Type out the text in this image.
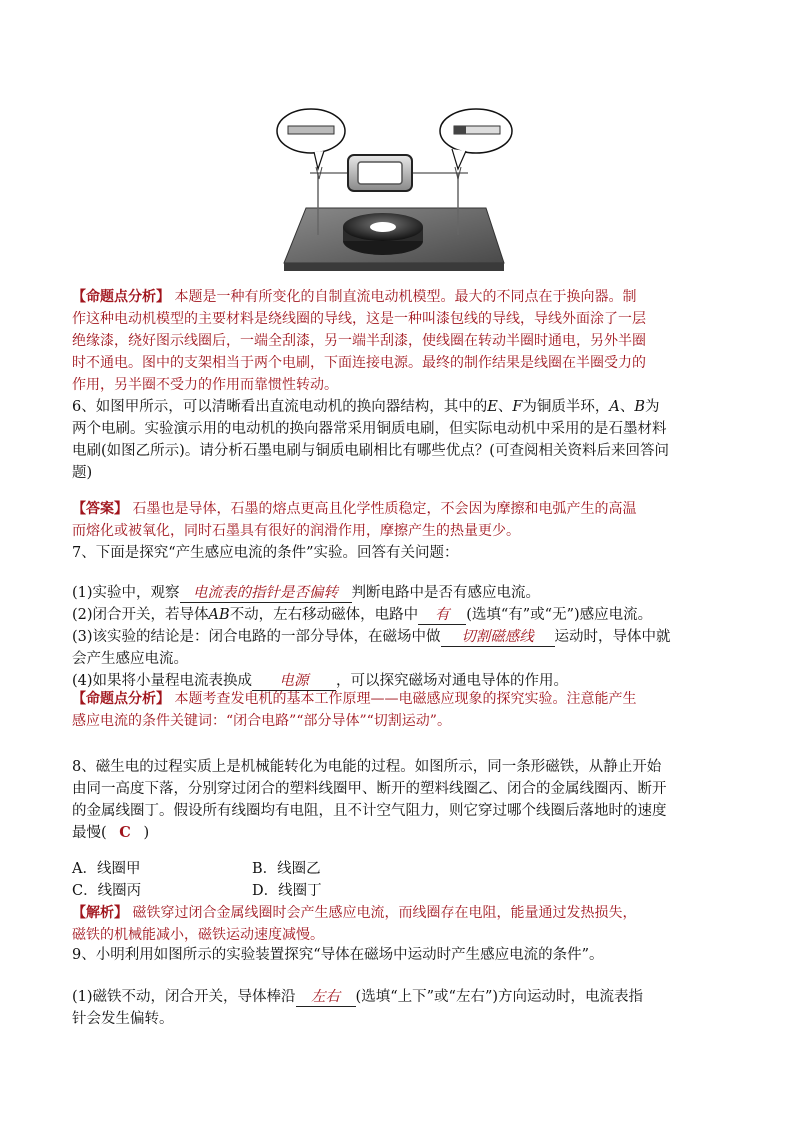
【命题点分析】 本题是一种有所变化的自制直流电动机模型。最大的不同点在于换向器。制
作这种电动机模型的主要材料是绕线圈的导线，这是一种叫漆包线的导线，导线外面涂了一层
绝缘漆，绕好图示线圈后，一端全刮漆，另一端半刮漆，使线圈在转动半圈时通电，另外半圈
时不通电。图中的支架相当于两个电刷，下面连接电源。最终的制作结果是线圈在半圈受力的
作用，另半圈不受力的作用而靠惯性转动。
6、如图甲所示，可以清晰看出直流电动机的换向器结构，其中的E、F为铜质半环，A、B为
两个电刷。实验演示用的电动机的换向器常采用铜质电刷，但实际电动机中采用的是石墨材料
电刷(如图乙所示)。请分析石墨电刷与铜质电刷相比有哪些优点？(可查阅相关资料后来回答问
题)
【答案】 石墨也是导体，石墨的熔点更高且化学性质稳定，不会因为摩擦和电弧产生的高温
而熔化或被氧化，同时石墨具有很好的润滑作用，摩擦产生的热量更少。
7、下面是探究“产生感应电流的条件”实验。回答有关问题：
(1)实验中，观察 电流表的指针是否偏转 判断电路中是否有感应电流。
(2)闭合开关，若导体AB不动，左右移动磁体，电路中 有 (选填“有”或“无”)感应电流。
(3)该实验的结论是：闭合电路的一部分导体，在磁场中做 切割磁感线 运动时，导体中就
会产生感应电流。
(4)如果将小量程电流表换成 电源 ，可以探究磁场对通电导体的作用。
【命题点分析】 本题考查发电机的基本工作原理——电磁感应现象的探究实验。注意能产生
感应电流的条件关键词：“闭合电路”“部分导体”“切割运动”。
8、磁生电的过程实质上是机械能转化为电能的过程。如图所示，同一条形磁铁，从静止开始
由同一高度下落，分别穿过闭合的塑料线圈甲、断开的塑料线圈乙、闭合的金属线圈丙、断开
的金属线圈丁。假设所有线圈均有电阻，且不计空气阻力，则它穿过哪个线圈后落地时的速度
最慢( C )
A．线圈甲	B．线圈乙
C．线圈丙	D．线圈丁
【解析】 磁铁穿过闭合金属线圈时会产生感应电流，而线圈存在电阻，能量通过发热损失，
磁铁的机械能减小，磁铁运动速度减慢。
9、小明利用如图所示的实验装置探究“导体在磁场中运动时产生感应电流的条件”。
(1)磁铁不动，闭合开关，导体棒沿 左右 (选填“上下”或“左右”)方向运动时，电流表指
针会发生偏转。
